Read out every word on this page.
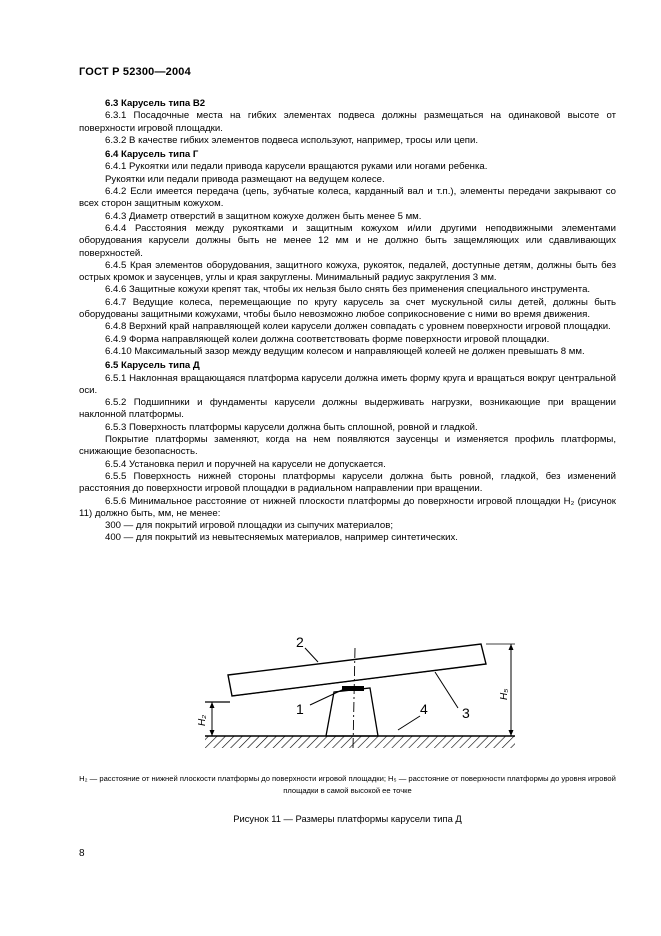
ГОСТ Р 52300—2004

6.3 Карусель типа В2

6.3.1 Посадочные места на гибких элементах подвеса должны размещаться на одинаковой высоте от поверхности игровой площадки.

6.3.2 В качестве гибких элементов подвеса используют, например, тросы или цепи.

6.4 Карусель типа Г

6.4.1 Рукоятки или педали привода карусели вращаются руками или ногами ребенка.

Рукоятки или педали привода размещают на ведущем колесе.

6.4.2 Если имеется передача (цепь, зубчатые колеса, карданный вал и т.п.), элементы передачи закрывают со всех сторон защитным кожухом.

6.4.3 Диаметр отверстий в защитном кожухе должен быть менее 5 мм.

6.4.4 Расстояния между рукоятками и защитным кожухом и/или другими неподвижными элементами оборудования карусели должны быть не менее 12 мм и не должно быть защемляющих или сдавливающих поверхностей.

6.4.5 Края элементов оборудования, защитного кожуха, рукояток, педалей, доступные детям, должны быть без острых кромок и заусенцев, углы и края закруглены. Минимальный радиус закругления 3 мм.

6.4.6 Защитные кожухи крепят так, чтобы их нельзя было снять без применения специального инструмента.

6.4.7 Ведущие колеса, перемещающие по кругу карусель за счет мускульной силы детей, должны быть оборудованы защитными кожухами, чтобы было невозможно любое соприкосновение с ними во время движения.

6.4.8 Верхний край направляющей колеи карусели должен совпадать с уровнем поверхности игровой площадки.

6.4.9 Форма направляющей колеи должна соответствовать форме поверхности игровой площадки.

6.4.10 Максимальный зазор между ведущим колесом и направляющей колеей не должен превышать 8 мм.

6.5 Карусель типа Д

6.5.1 Наклонная вращающаяся платформа карусели должна иметь форму круга и вращаться вокруг центральной оси.

6.5.2 Подшипники и фундаменты карусели должны выдерживать нагрузки, возникающие при вращении наклонной платформы.

6.5.3 Поверхность платформы карусели должна быть сплошной, ровной и гладкой.

Покрытие платформы заменяют, когда на нем появляются заусенцы и изменяется профиль платформы, снижающие безопасность.

6.5.4 Установка перил и поручней на карусели не допускается.

6.5.5 Поверхность нижней стороны платформы карусели должна быть ровной, гладкой, без изменений расстояния до поверхности игровой площадки в радиальном направлении при вращении.

6.5.6 Минимальное расстояние от нижней плоскости платформы до поверхности игровой площадки H₂ (рисунок 11) должно быть, мм, не менее:

300 — для покрытий игровой площадки из сыпучих материалов;

400 — для покрытий из невытесняемых материалов, например синтетических.

1
2
3
4
H₂
H₅
H₂ — расстояние от нижней плоскости платформы до поверхности игровой площадки; H₅ — расстояние от поверхности платформы до уровня игровой площадки в самой высокой ее точке
Рисунок 11 — Размеры платформы карусели типа Д
8
